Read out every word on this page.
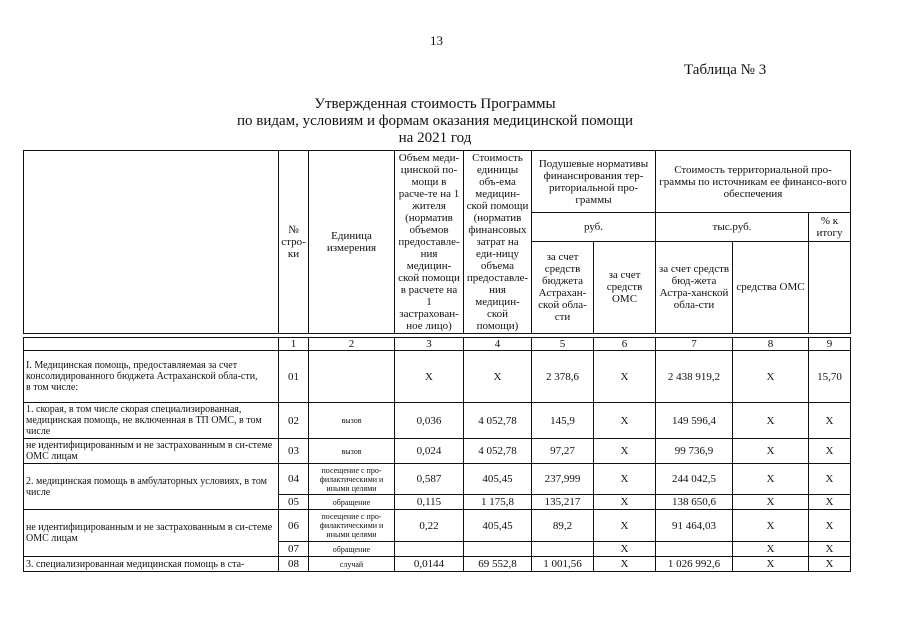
13
Таблица № 3
Утвержденная стоимость Программы
по видам, условиям и формам оказания медицинской помощи
на 2021 год
	№ стро-ки	Единица измерения	Объем меди-цинской по-мощи в расче-те на 1 жителя (норматив объемов предоставле-ния медицин-ской помощи в расчете на 1 застрахован-ное лицо)	Стоимость единицы объ-ема медицин-ской помощи (норматив финансовых затрат на еди-ницу объема предоставле-ния медицин-ской помощи)	Подушевые нормативы финансирования тер-риториальной про-граммы		Стоимость территориальной про-граммы по источникам ее финансо-вого обеспечения		
					руб.		тыс.руб.		% к итогу
					за счет средств бюджета Астрахан-ской обла-сти	за счет средств ОМС	за счет средств бюд-жета Астра-ханской обла-сти	средства ОМС	

	1	2	3	4	5	6	7	8	9
I. Медицинская помощь, предоставляемая за счет консолидированного бюджета Астраханской обла-сти,
в том числе:	01		X	X	2 378,6	X	2 438 919,2	X	15,70
1. скорая, в том числе скорая специализированная, медицинская помощь, не включенная в ТП ОМС, в том числе	02	вызов	0,036	4 052,78	145,9	X	149 596,4	X	X
не идентифицированным и не застрахованным в си-стеме ОМС лицам	03	вызов	0,024	4 052,78	97,27	X	99 736,9	X	X
2. медицинская помощь в амбулаторных условиях, в том числе	04	посещение с про-филактическими и иными целями	0,587	405,45	237,999	X	244 042,5	X	X
	05	обращение	0,115	1 175,8	135,217	X	138 650,6	X	X
не идентифицированным и не застрахованным в си-стеме ОМС лицам	06	посещение с про-филактическими и иными целями	0,22	405,45	89,2	X	91 464,03	X	X
	07	обращение				X		X	X
3. специализированная медицинская помощь в ста-	08	случай	0,0144	69 552,8	1 001,56	X	1 026 992,6	X	X
